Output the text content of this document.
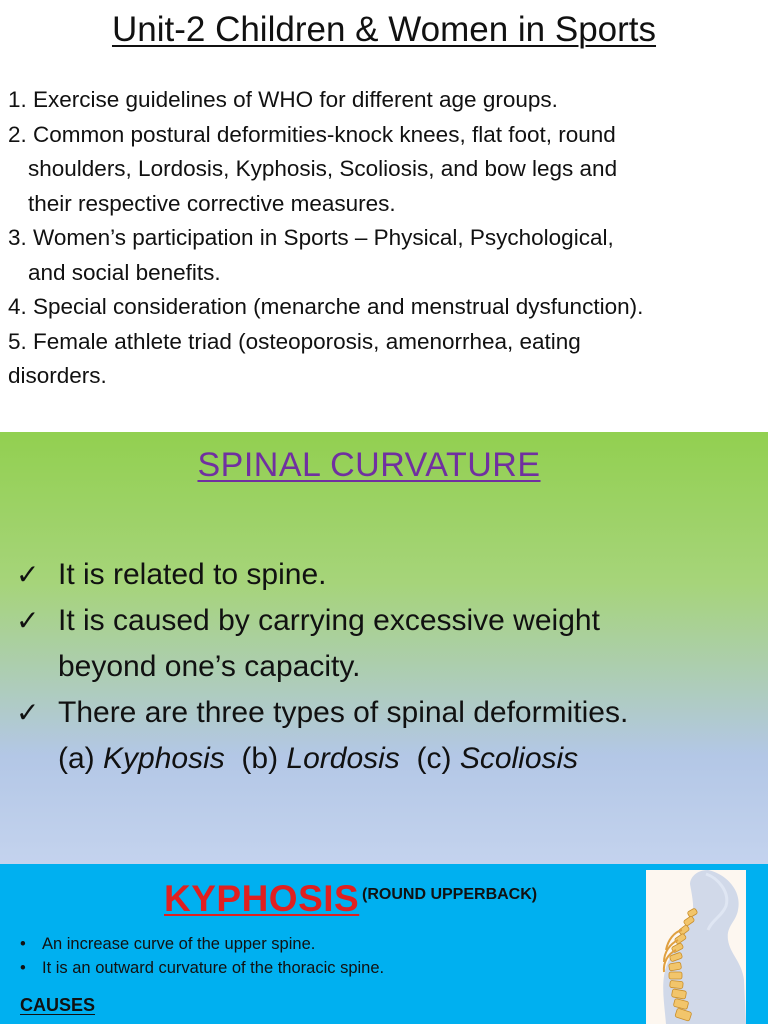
Unit-2 Children & Women in Sports
1. Exercise guidelines of WHO for different age groups.
2. Common postural deformities-knock knees, flat foot, round
shoulders, Lordosis, Kyphosis, Scoliosis, and bow legs and
their respective corrective measures.
3. Women’s participation in Sports – Physical, Psychological,
and social benefits.
4. Special consideration (menarche and menstrual dysfunction).
5. Female athlete triad (osteoporosis, amenorrhea, eating
disorders.
SPINAL CURVATURE
✓ It is related to spine.
✓ It is caused by carrying excessive weight
beyond one’s capacity.
✓ There are three types of spinal deformities.
(a) Kyphosis (b) Lordosis (c) Scoliosis
KYPHOSIS (ROUND UPPERBACK)
• An increase curve of the upper spine.
• It is an outward curvature of the thoracic spine.
CAUSES
